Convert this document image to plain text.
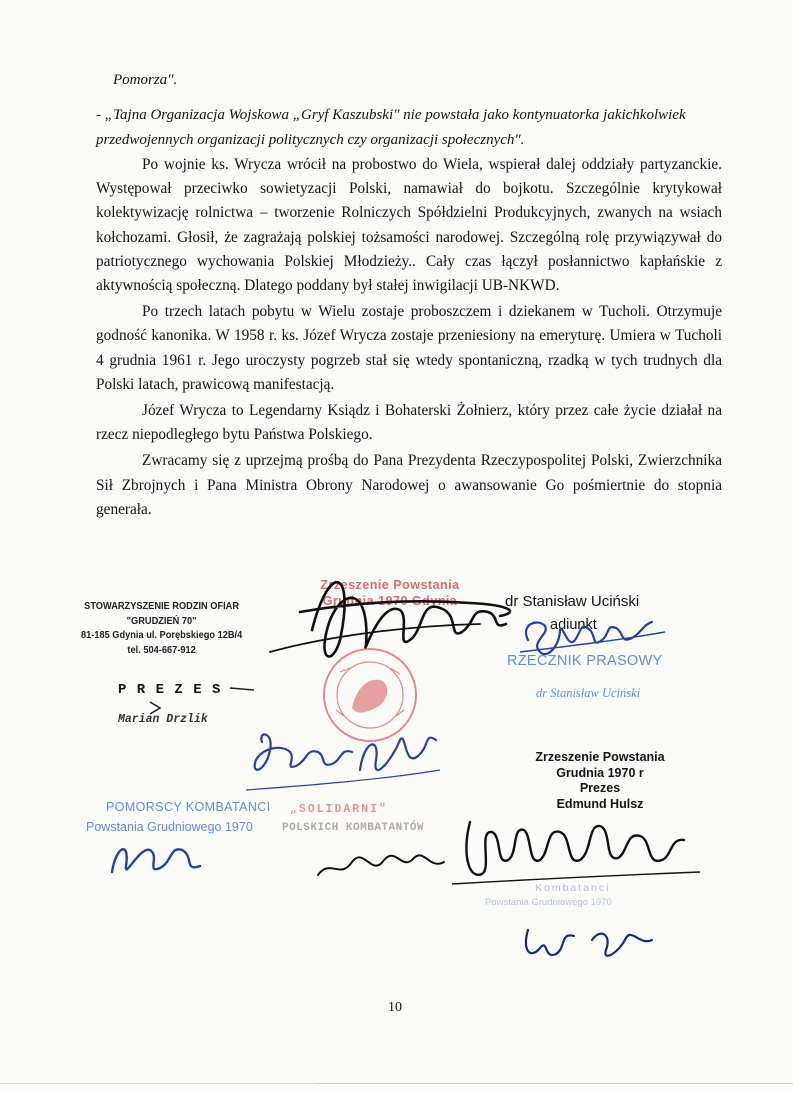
Pomorza".
- „Tajna Organizacja Wojskowa „Gryf Kaszubski" nie powstała jako kontynuatorka jakichkolwiek przedwojennych organizacji politycznych czy organizacji społecznych".

Po wojnie ks. Wrycza wrócił na probostwo do Wiela, wspierał dalej oddziały partyzanckie. Występował przeciwko sowietyzacji Polski, namawiał do bojkotu. Szczególnie krytykował kolektywizację rolnictwa – tworzenie Rolniczych Spółdzielni Produkcyjnych, zwanych na wsiach kołchozami. Głosił, że zagrażają polskiej tożsamości narodowej. Szczególną rolę przywiązywał do patriotycznego wychowania Polskiej Młodzieży.. Cały czas łączył posłannictwo kapłańskie z aktywnością społeczną. Dlatego poddany był stałej inwigilacji UB-NKWD.

Po trzech latach pobytu w Wielu zostaje proboszczem i dziekanem w Tucholi. Otrzymuje godność kanonika. W 1958 r. ks. Józef Wrycza zostaje przeniesiony na emeryturę. Umiera w Tucholi 4 grudnia 1961 r. Jego uroczysty pogrzeb stał się wtedy spontaniczną, rzadką w tych trudnych dla Polski latach, prawicową manifestacją.

Józef Wrycza to Legendarny Ksiądz i Bohaterski Żołnierz, który przez całe życie działał na rzecz niepodległego bytu Państwa Polskiego.

Zwracamy się z uprzejmą prośbą do Pana Prezydenta Rzeczypospolitej Polski, Zwierzchnika Sił Zbrojnych i Pana Ministra Obrony Narodowej o awansowanie Go pośmiertnie do stopnia generała.

STOWARZYSZENIE RODZIN OFIAR
"GRUDZIEŃ 70"
81-185 Gdynia ul. Porębskiego 12B/4
tel. 504-667-912
P R E Z E S
Marian Drzlik
Zrzeszenie Powstania
Grudnia 1970 Gdynia	dr Stanisław Uciński
adiunkt
RZECZNIK PRASOWY
dr Stanisław Uciński
Zrzeszenie Powstania
Grudnia 1970 r
Prezes
Edmund Hulsz
POMORSCY KOMBATANCI
Powstania Grudniowego 1970
„SOLIDARNI"
POLSKICH KOMBATANTÓW
Kombatanci
Powstania Grudniowego 1970
10
